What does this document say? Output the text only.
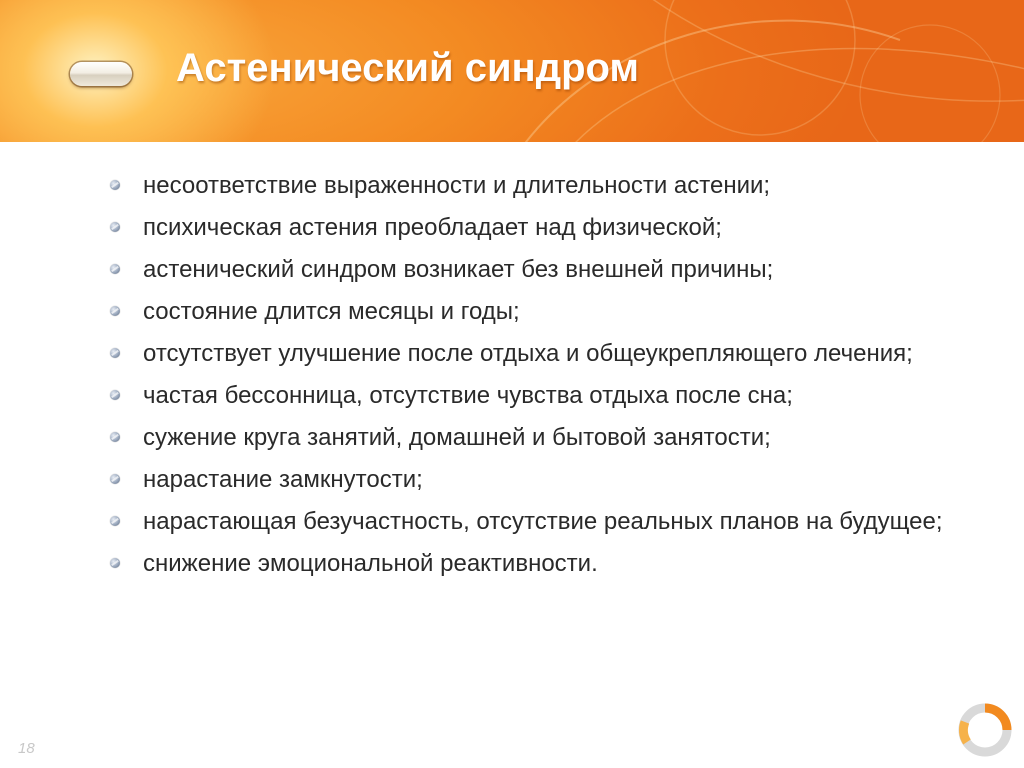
Астенический синдром
несоответствие выраженности и длительности астении;
психическая астения преобладает над физической;
астенический синдром возникает без внешней причины;
состояние длится месяцы и годы;
отсутствует улучшение после отдыха и общеукрепляющего лечения;
частая бессонница, отсутствие чувства отдыха после сна;
сужение круга занятий, домашней и бытовой занятости;
нарастание замкнутости;
нарастающая безучастность, отсутствие реальных планов на будущее;
снижение эмоциональной реактивности.
18
